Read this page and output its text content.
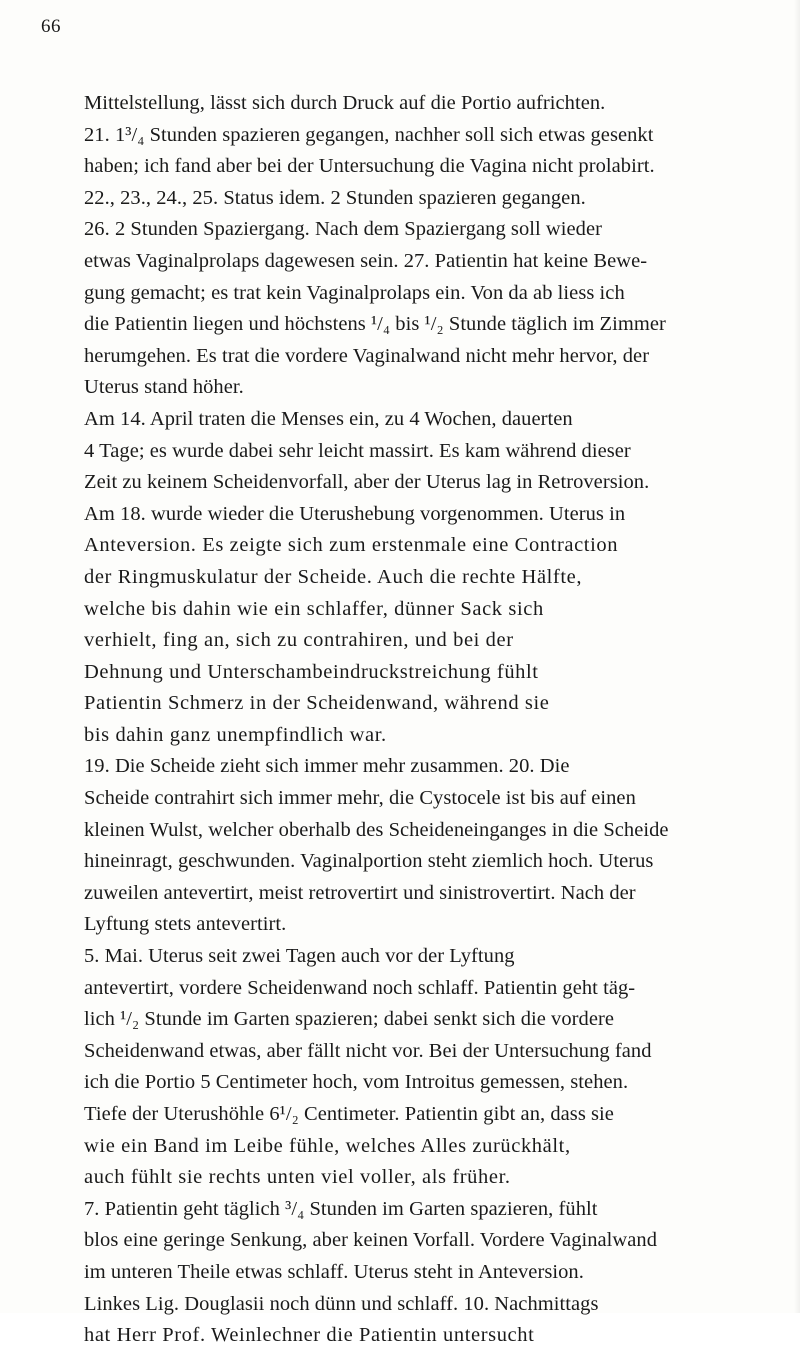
66
Mittelstellung, lässt sich durch Druck auf die Portio aufrichten.
21. 1³/₄ Stunden spazieren gegangen, nachher soll sich etwas gesenkt
haben; ich fand aber bei der Untersuchung die Vagina nicht prolabirt.
22., 23., 24., 25. Status idem. 2 Stunden spazieren gegangen.
26. 2 Stunden Spaziergang. Nach dem Spaziergang soll wieder
etwas Vaginalprolaps dagewesen sein. 27. Patientin hat keine Bewe-
gung gemacht; es trat kein Vaginalprolaps ein. Von da ab liess ich
die Patientin liegen und höchstens ¹/₄ bis ¹/₂ Stunde täglich im Zimmer
herumgehen. Es trat die vordere Vaginalwand nicht mehr hervor, der
Uterus stand höher.
Am 14. April traten die Menses ein, zu 4 Wochen, dauerten
4 Tage; es wurde dabei sehr leicht massirt. Es kam während dieser
Zeit zu keinem Scheidenvorfall, aber der Uterus lag in Retroversion.
Am 18. wurde wieder die Uterushebung vorgenommen. Uterus in
Anteversion. Es zeigte sich zum erstenmale eine Contraction
der Ringmuskulatur der Scheide. Auch die rechte Hälfte,
welche bis dahin wie ein schlaffer, dünner Sack sich
verhielt, fing an, sich zu contrahiren, und bei der
Dehnung und Unterschambeindruckstreichung fühlt
Patientin Schmerz in der Scheidenwand, während sie
bis dahin ganz unempfindlich war.
19. Die Scheide zieht sich immer mehr zusammen. 20. Die
Scheide contrahirt sich immer mehr, die Cystocele ist bis auf einen
kleinen Wulst, welcher oberhalb des Scheideneinganges in die Scheide
hineinragt, geschwunden. Vaginalportion steht ziemlich hoch. Uterus
zuweilen antevertirt, meist retrovertirt und sinistrovertirt. Nach der
Lyftung stets antevertirt.
5. Mai. Uterus seit zwei Tagen auch vor der Lyftung
antevertirt, vordere Scheidenwand noch schlaff. Patientin geht täg-
lich ¹/₂ Stunde im Garten spazieren; dabei senkt sich die vordere
Scheidenwand etwas, aber fällt nicht vor. Bei der Untersuchung fand
ich die Portio 5 Centimeter hoch, vom Introitus gemessen, stehen.
Tiefe der Uterushöhle 6¹/₂ Centimeter. Patientin gibt an, dass sie
wie ein Band im Leibe fühle, welches Alles zurückhält,
auch fühlt sie rechts unten viel voller, als früher.
7. Patientin geht täglich ³/₄ Stunden im Garten spazieren, fühlt
blos eine geringe Senkung, aber keinen Vorfall. Vordere Vaginalwand
im unteren Theile etwas schlaff. Uterus steht in Anteversion.
Linkes Lig. Douglasii noch dünn und schlaff. 10. Nachmittags
hat Herr Prof. Weinlechner die Patientin untersucht
